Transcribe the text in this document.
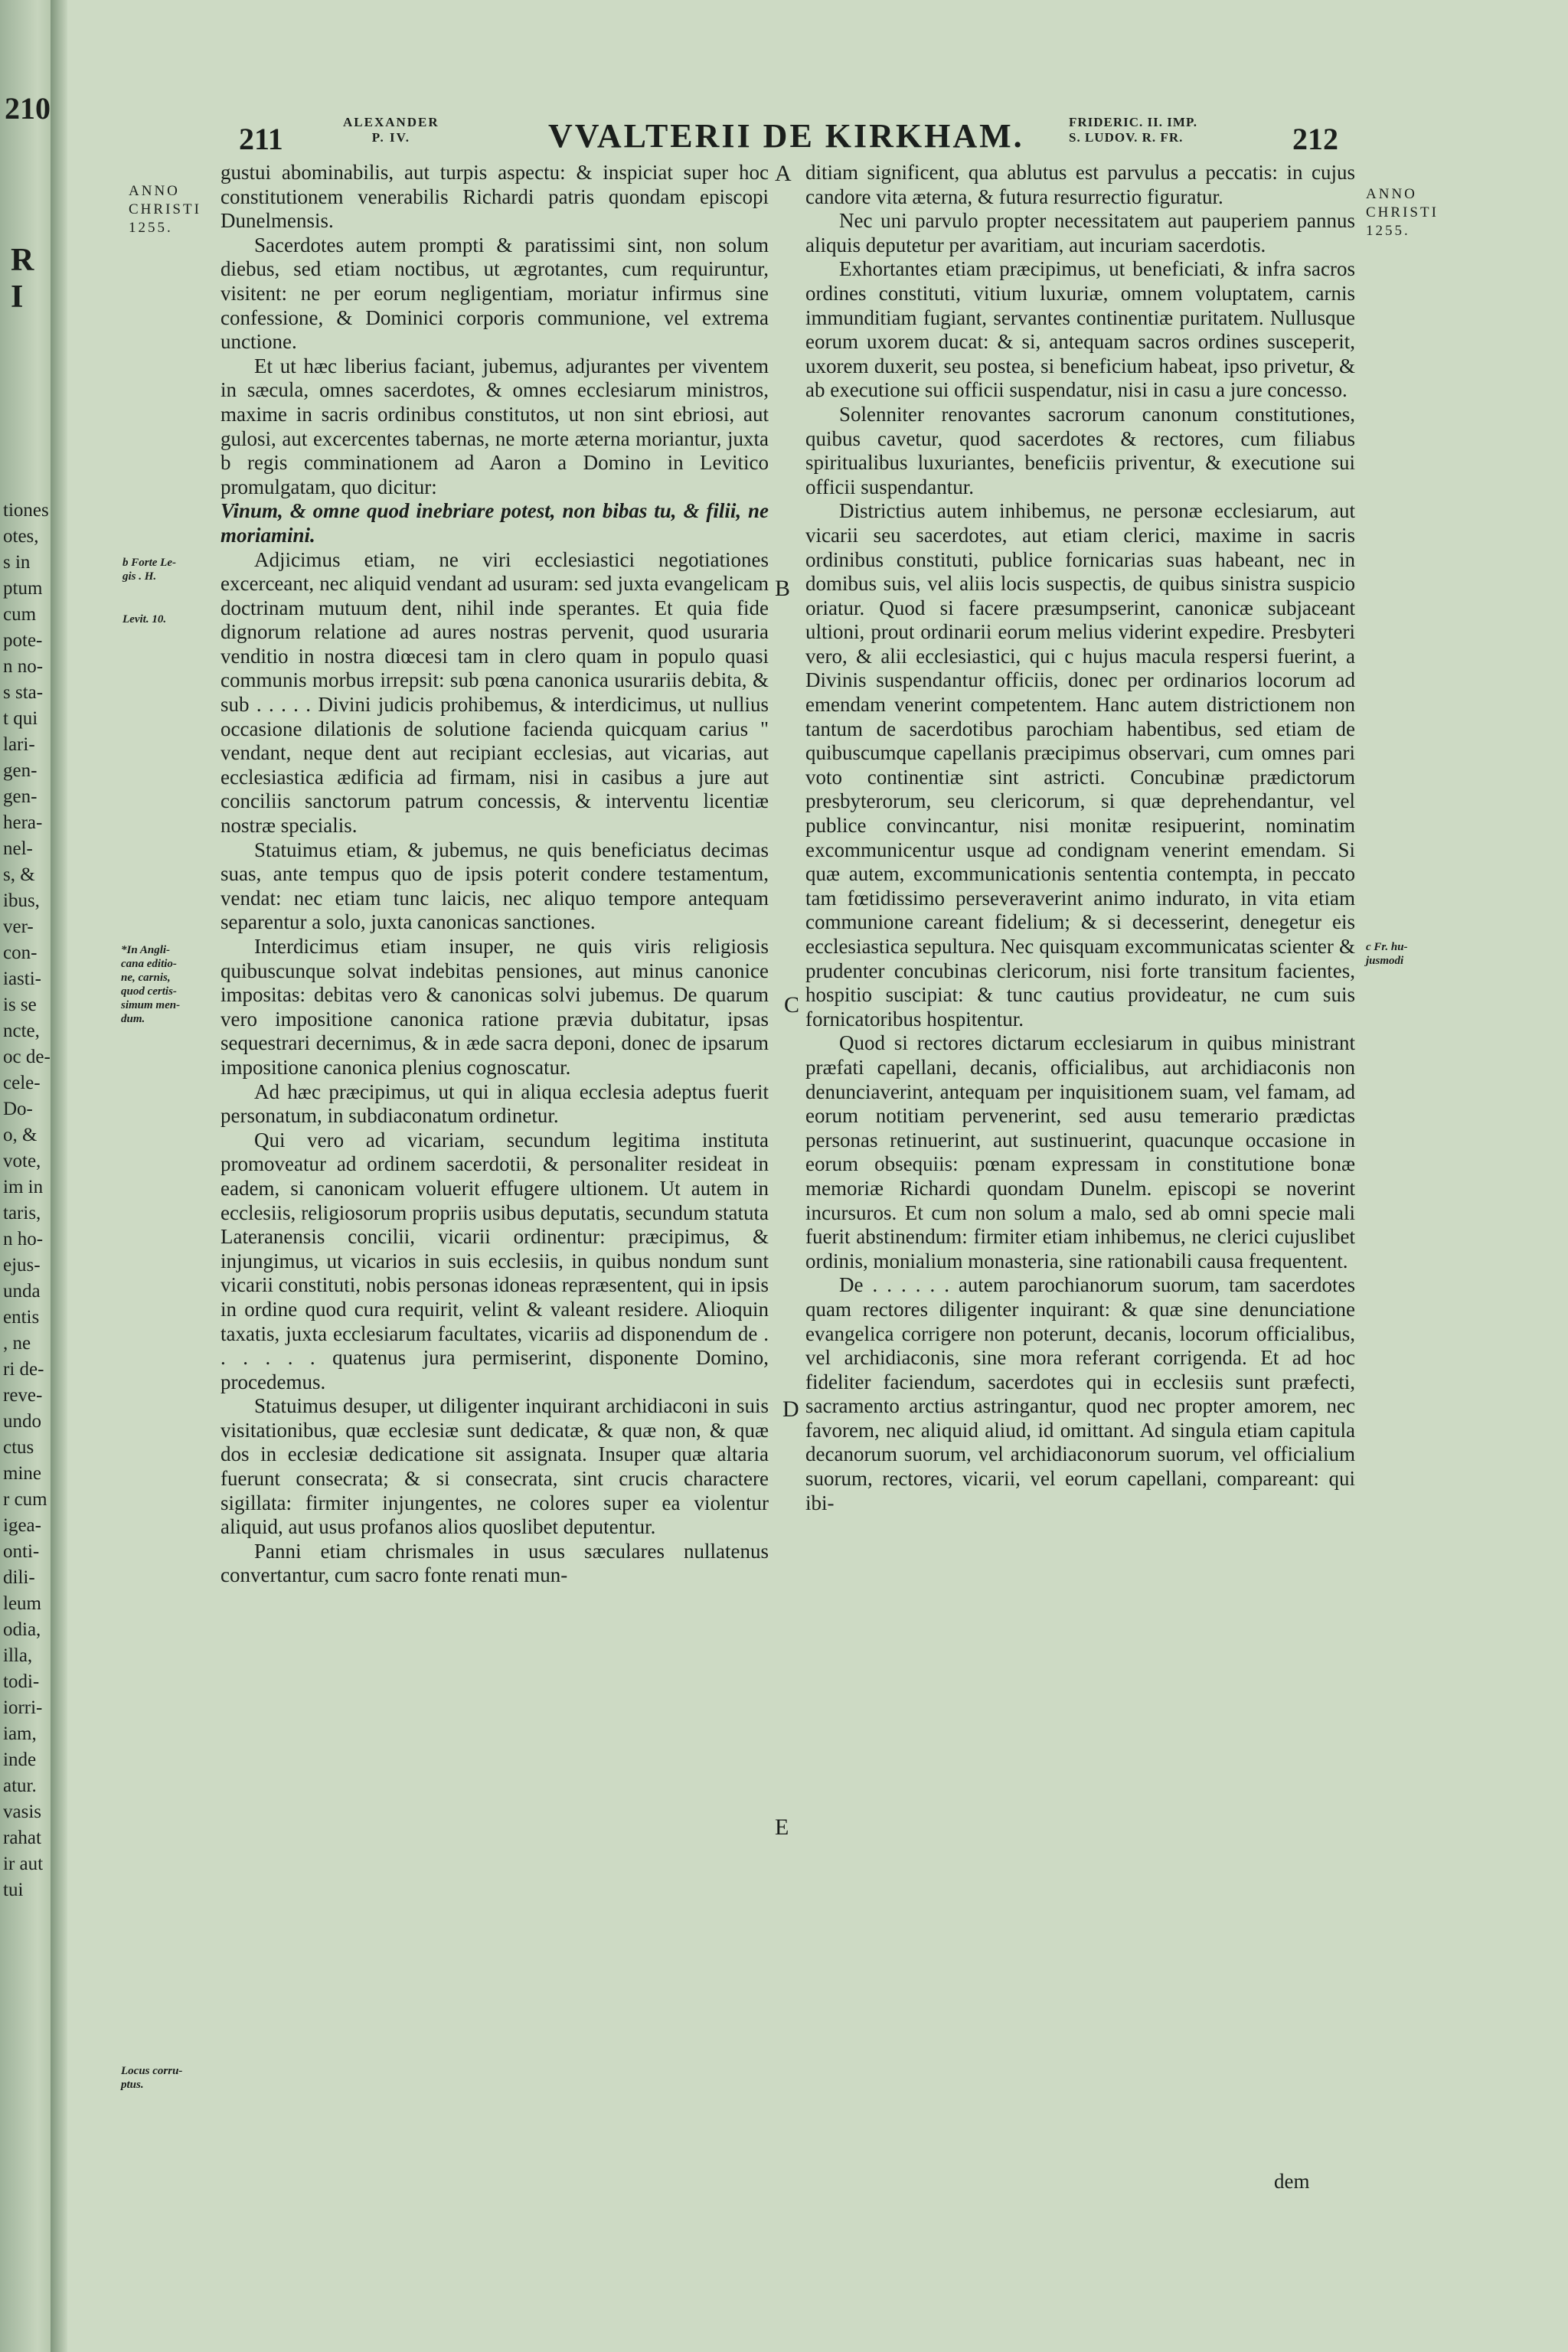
210
R I
tiones
otes,
s in
ptum
cum
pote-
n no-
s sta-
t qui
lari-
gen-
gen-
hera-
nel-
s, &
ibus,
ver-
con-
iasti-
is se
ncte,
oc de-
cele-
Do-
o, &
vote,
im in
taris,
n ho-
ejus-
unda
entis
, ne
ri de-
reve-
undo
ctus
mine
r cum
igea-
onti-
dili-
leum
odia,
illa,
todi-
iorri-
iam,
inde
atur.
vasis
rahat
ir aut
tui
211	ALEXANDER
P. IV.	VVALTERII DE KIRKHAM.	FRIDERIC. II. IMP.
S. LUDOV. R. FR.	212
ANNO
CHRISTI
1255.
ANNO
CHRISTI
1255.
b Forte Le-
gis . H.
Levit. 10.
*In Angli-
cana editio-
ne, carnis,
quod certis-
simum men-
dum.
Locus corru-
ptus.
c Fr. hu-
jusmodi
A
B
C
D
E

gustui abominabilis, aut turpis aspectu: & inspiciat super hoc constitutionem venerabilis Richardi patris quondam episcopi Dunelmensis.

Sacerdotes autem prompti & paratissimi sint, non solum diebus, sed etiam noctibus, ut ægrotantes, cum requiruntur, visitent: ne per eorum negligentiam, moriatur infirmus sine confessione, & Dominici corporis communione, vel extrema unctione.

Et ut hæc liberius faciant, jubemus, adjurantes per viventem in sæcula, omnes sacerdotes, & omnes ecclesiarum ministros, maxime in sacris ordinibus constitutos, ut non sint ebriosi, aut gulosi, aut excercentes tabernas, ne morte æterna moriantur, juxta b regis comminationem ad Aaron a Domino in Levitico promulgatam, quo dicitur:

Vinum, & omne quod inebriare potest, non bibas tu, & filii, ne moriamini.

Adjicimus etiam, ne viri ecclesiastici negotiationes excerceant, nec aliquid vendant ad usuram: sed juxta evangelicam doctrinam mutuum dent, nihil inde sperantes. Et quia fide dignorum relatione ad aures nostras pervenit, quod usuraria venditio in nostra diœcesi tam in clero quam in populo quasi communis morbus irrepsit: sub pœna canonica usurariis debita, & sub . . . . . Divini judicis prohibemus, & interdicimus, ut nullius occasione dilationis de solutione facienda quicquam carius " vendant, neque dent aut recipiant ecclesias, aut vicarias, aut ecclesiastica ædificia ad firmam, nisi in casibus a jure aut conciliis sanctorum patrum concessis, & interventu licentiæ nostræ specialis.

Statuimus etiam, & jubemus, ne quis beneficiatus decimas suas, ante tempus quo de ipsis poterit condere testamentum, vendat: nec etiam tunc laicis, nec aliquo tempore antequam separentur a solo, juxta canonicas sanctiones.

Interdicimus etiam insuper, ne quis viris religiosis quibuscunque solvat indebitas pensiones, aut minus canonice impositas: debitas vero & canonicas solvi jubemus. De quarum vero impositione canonica ratione prævia dubitatur, ipsas sequestrari decernimus, & in æde sacra deponi, donec de ipsarum impositione canonica plenius cognoscatur.

Ad hæc præcipimus, ut qui in aliqua ecclesia adeptus fuerit personatum, in subdiaconatum ordinetur.

Qui vero ad vicariam, secundum legitima instituta promoveatur ad ordinem sacerdotii, & personaliter resideat in eadem, si canonicam voluerit effugere ultionem. Ut autem in ecclesiis, religiosorum propriis usibus deputatis, secundum statuta Lateranensis concilii, vicarii ordinentur: præcipimus, & injungimus, ut vicarios in suis ecclesiis, in quibus nondum sunt vicarii constituti, nobis personas idoneas repræsentent, qui in ipsis in ordine quod cura requirit, velint & valeant residere. Alioquin taxatis, juxta ecclesiarum facultates, vicariis ad disponendum de . . . . . . quatenus jura permiserint, disponente Domino, procedemus.

Statuimus desuper, ut diligenter inquirant archidiaconi in suis visitationibus, quæ ecclesiæ sunt dedicatæ, & quæ non, & quæ dos in ecclesiæ dedicatione sit assignata. Insuper quæ altaria fuerunt consecrata; & si consecrata, sint crucis charactere sigillata: firmiter injungentes, ne colores super ea violentur aliquid, aut usus profanos alios quoslibet deputentur.

Panni etiam chrismales in usus sæculares nullatenus convertantur, cum sacro fonte renati mun-

ditiam significent, qua ablutus est parvulus a peccatis: in cujus candore vita æterna, & futura resurrectio figuratur.

Nec uni parvulo propter necessitatem aut pauperiem pannus aliquis deputetur per avaritiam, aut incuriam sacerdotis.

Exhortantes etiam præcipimus, ut beneficiati, & infra sacros ordines constituti, vitium luxuriæ, omnem voluptatem, carnis immunditiam fugiant, servantes continentiæ puritatem. Nullusque eorum uxorem ducat: & si, antequam sacros ordines susceperit, uxorem duxerit, seu postea, si beneficium habeat, ipso privetur, & ab executione sui officii suspendatur, nisi in casu a jure concesso.

Solenniter renovantes sacrorum canonum constitutiones, quibus cavetur, quod sacerdotes & rectores, cum filiabus spiritualibus luxuriantes, beneficiis priventur, & executione sui officii suspendantur.

Districtius autem inhibemus, ne personæ ecclesiarum, aut vicarii seu sacerdotes, aut etiam clerici, maxime in sacris ordinibus constituti, publice fornicarias suas habeant, nec in domibus suis, vel aliis locis suspectis, de quibus sinistra suspicio oriatur. Quod si facere præsumpserint, canonicæ subjaceant ultioni, prout ordinarii eorum melius viderint expedire. Presbyteri vero, & alii ecclesiastici, qui c hujus macula respersi fuerint, a Divinis suspendantur officiis, donec per ordinarios locorum ad emendam venerint competentem. Hanc autem districtionem non tantum de sacerdotibus parochiam habentibus, sed etiam de quibuscumque capellanis præcipimus observari, cum omnes pari voto continentiæ sint astricti. Concubinæ prædictorum presbyterorum, seu clericorum, si quæ deprehendantur, vel publice convincantur, nisi monitæ resipuerint, nominatim excommunicentur usque ad condignam venerint emendam. Si quæ autem, excommunicationis sententia contempta, in peccato tam fœtidissimo perseveraverint animo indurato, in vita etiam communione careant fidelium; & si decesserint, denegetur eis ecclesiastica sepultura. Nec quisquam excommunicatas scienter & prudenter concubinas clericorum, nisi forte transitum facientes, hospitio suscipiat: & tunc cautius provideatur, ne cum suis fornicatoribus hospitentur.

Quod si rectores dictarum ecclesiarum in quibus ministrant præfati capellani, decanis, officialibus, aut archidiaconis non denunciaverint, antequam per inquisitionem suam, vel famam, ad eorum notitiam pervenerint, sed ausu temerario prædictas personas retinuerint, aut sustinuerint, quacunque occasione in eorum obsequiis: pœnam expressam in constitutione bonæ memoriæ Richardi quondam Dunelm. episcopi se noverint incursuros. Et cum non solum a malo, sed ab omni specie mali fuerit abstinendum: firmiter etiam inhibemus, ne clerici cujuslibet ordinis, monialium monasteria, sine rationabili causa frequentent.

De . . . . . . autem parochianorum suorum, tam sacerdotes quam rectores diligenter inquirant: & quæ sine denunciatione evangelica corrigere non poterunt, decanis, locorum officialibus, vel archidiaconis, sine mora referant corrigenda. Et ad hoc fideliter faciendum, sacerdotes qui in ecclesiis sunt præfecti, sacramento arctius astringantur, quod nec propter amorem, nec favorem, nec aliquid aliud, id omittant. Ad singula etiam capitula decanorum suorum, vel archidiaconorum suorum, vel officialium suorum, rectores, vicarii, vel eorum capellani, compareant: qui ibi-

dem
